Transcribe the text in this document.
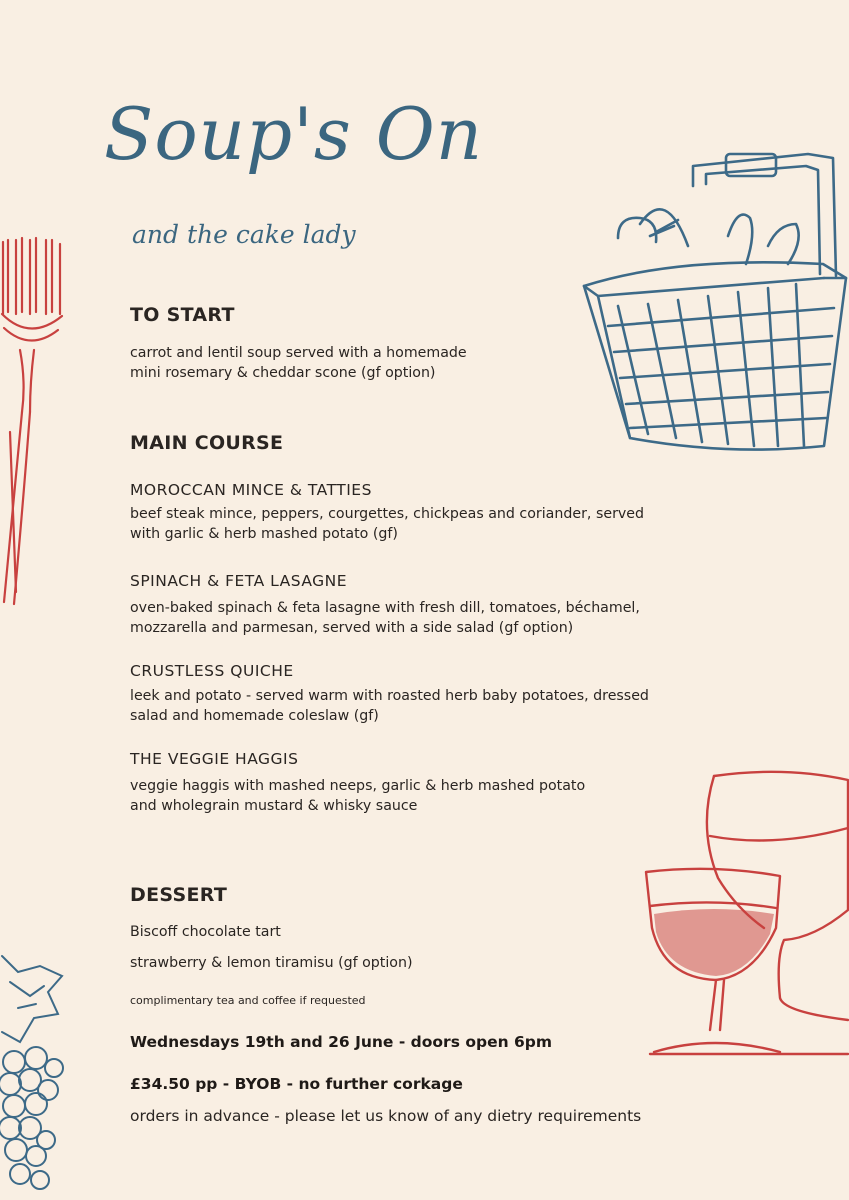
Soup's On
and the cake lady
TO START
carrot and lentil soup served with a homemade
mini rosemary & cheddar scone (gf option)
MAIN COURSE
MOROCCAN MINCE & TATTIES
beef steak mince, peppers, courgettes, chickpeas and coriander, served
with garlic & herb mashed potato (gf)
SPINACH & FETA LASAGNE
oven-baked spinach & feta lasagne with fresh dill, tomatoes, béchamel,
mozzarella and parmesan, served with a side salad (gf option)
CRUSTLESS QUICHE
leek and potato - served warm with roasted herb baby potatoes, dressed
salad and homemade coleslaw (gf)
THE VEGGIE HAGGIS
veggie haggis with mashed neeps, garlic & herb mashed potato
and wholegrain mustard & whisky sauce
DESSERT
Biscoff chocolate tart
strawberry & lemon tiramisu (gf option)
complimentary tea and coffee if requested
Wednesdays 19th and 26 June - doors open 6pm
£34.50 pp - BYOB - no further corkage
orders in advance - please let us know of any dietry requirements
